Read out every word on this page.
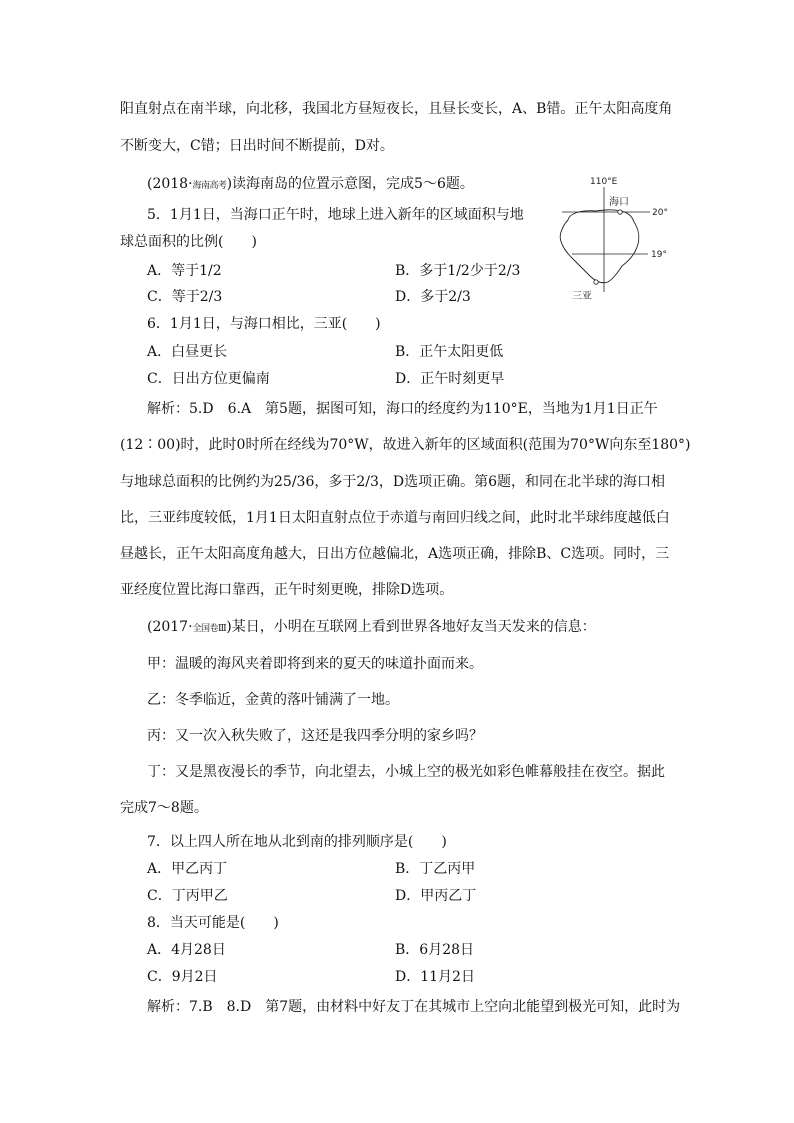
阳直射点在南半球，向北移，我国北方昼短夜长，且昼长变长，A、B错。正午太阳高度角
不断变大，C错；日出时间不断提前，D对。
(2018·海南高考)读海南岛的位置示意图，完成5～6题。	110°E
20°
19°
海口
三亚
5．1月1日，当海口正午时，地球上进入新年的区域面积与地
球总面积的比例(　　)
A．等于1/2	B．多于1/2少于2/3
C．等于2/3	D．多于2/3
6．1月1日，与海口相比，三亚(　　)
A．白昼更长	B．正午太阳更低
C．日出方位更偏南	D．正午时刻更早
解析：5.D　6.A　第5题，据图可知，海口的经度约为110°E，当地为1月1日正午
(12∶00)时，此时0时所在经线为70°W，故进入新年的区域面积(范围为70°W向东至180°)
与地球总面积的比例约为25/36，多于2/3，D选项正确。第6题，和同在北半球的海口相
比，三亚纬度较低，1月1日太阳直射点位于赤道与南回归线之间，此时北半球纬度越低白
昼越长，正午太阳高度角越大，日出方位越偏北，A选项正确，排除B、C选项。同时，三
亚经度位置比海口靠西，正午时刻更晚，排除D选项。
(2017·全国卷Ⅲ)某日，小明在互联网上看到世界各地好友当天发来的信息：
甲：温暖的海风夹着即将到来的夏天的味道扑面而来。
乙：冬季临近，金黄的落叶铺满了一地。
丙：又一次入秋失败了，这还是我四季分明的家乡吗？
丁：又是黑夜漫长的季节，向北望去，小城上空的极光如彩色帷幕般挂在夜空。据此
完成7～8题。
7．以上四人所在地从北到南的排列顺序是(　　)
A．甲乙丙丁	B．丁乙丙甲
C．丁丙甲乙	D．甲丙乙丁
8．当天可能是(　　)
A．4月28日	B．6月28日
C．9月2日	D．11月2日
解析：7.B　8.D　第7题，由材料中好友丁在其城市上空向北能望到极光可知，此时为
